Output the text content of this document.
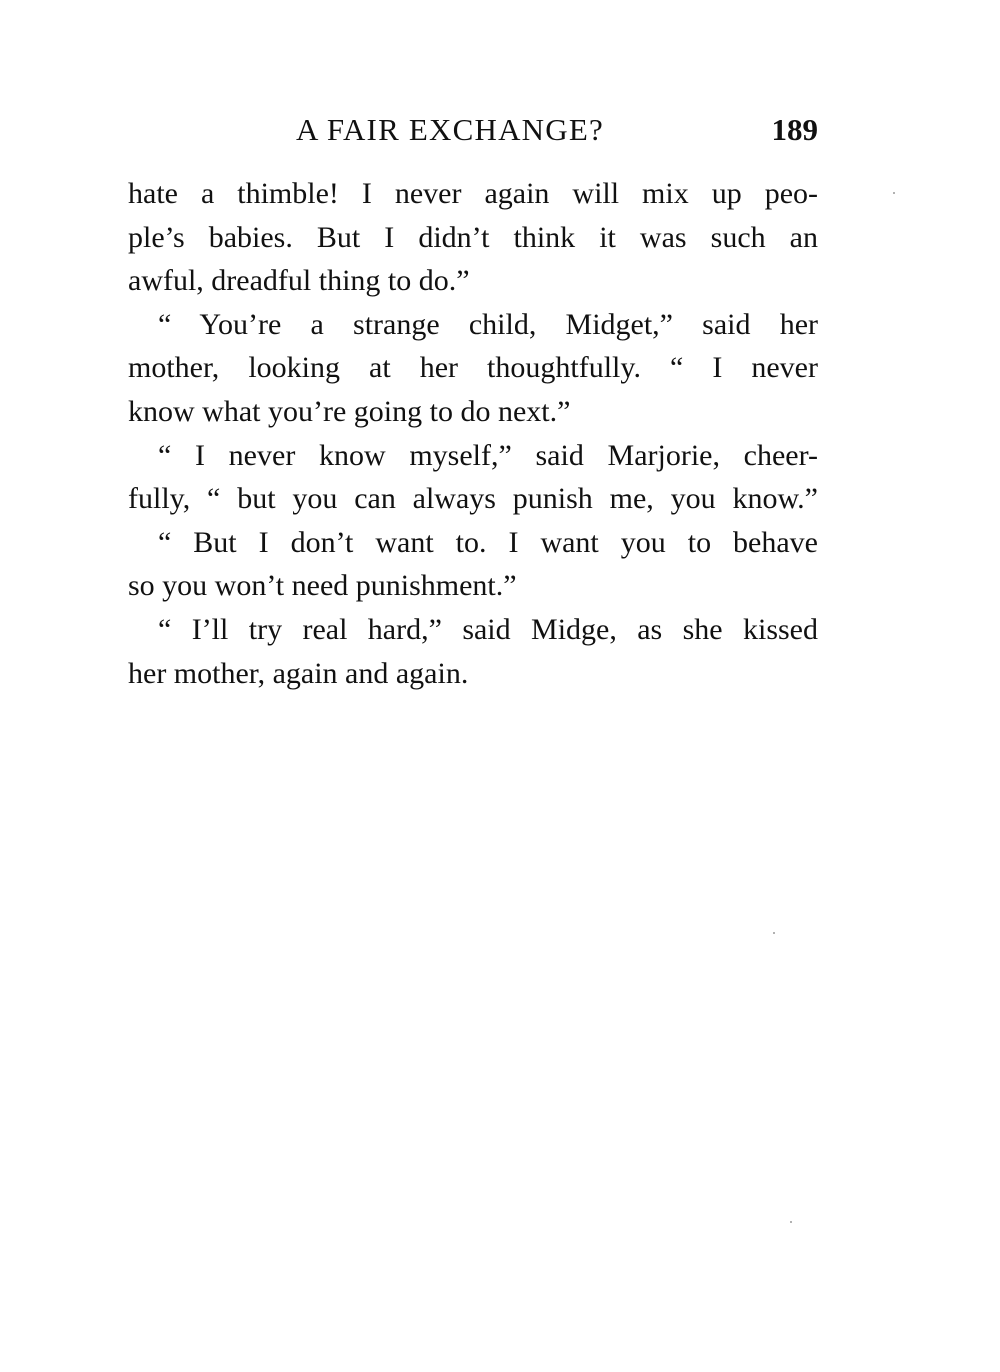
A FAIR EXCHANGE?	189
hate a thimble! I never again will mix up peo-
ple’s babies. But I didn’t think it was such an
awful, dreadful thing to do.”
“ You’re a strange child, Midget,” said her
mother, looking at her thoughtfully. “ I never
know what you’re going to do next.”
“ I never know myself,” said Marjorie, cheer-
fully, “ but you can always punish me, you know.”
“ But I don’t want to. I want you to behave
so you won’t need punishment.”
“ I’ll try real hard,” said Midge, as she kissed
her mother, again and again.
